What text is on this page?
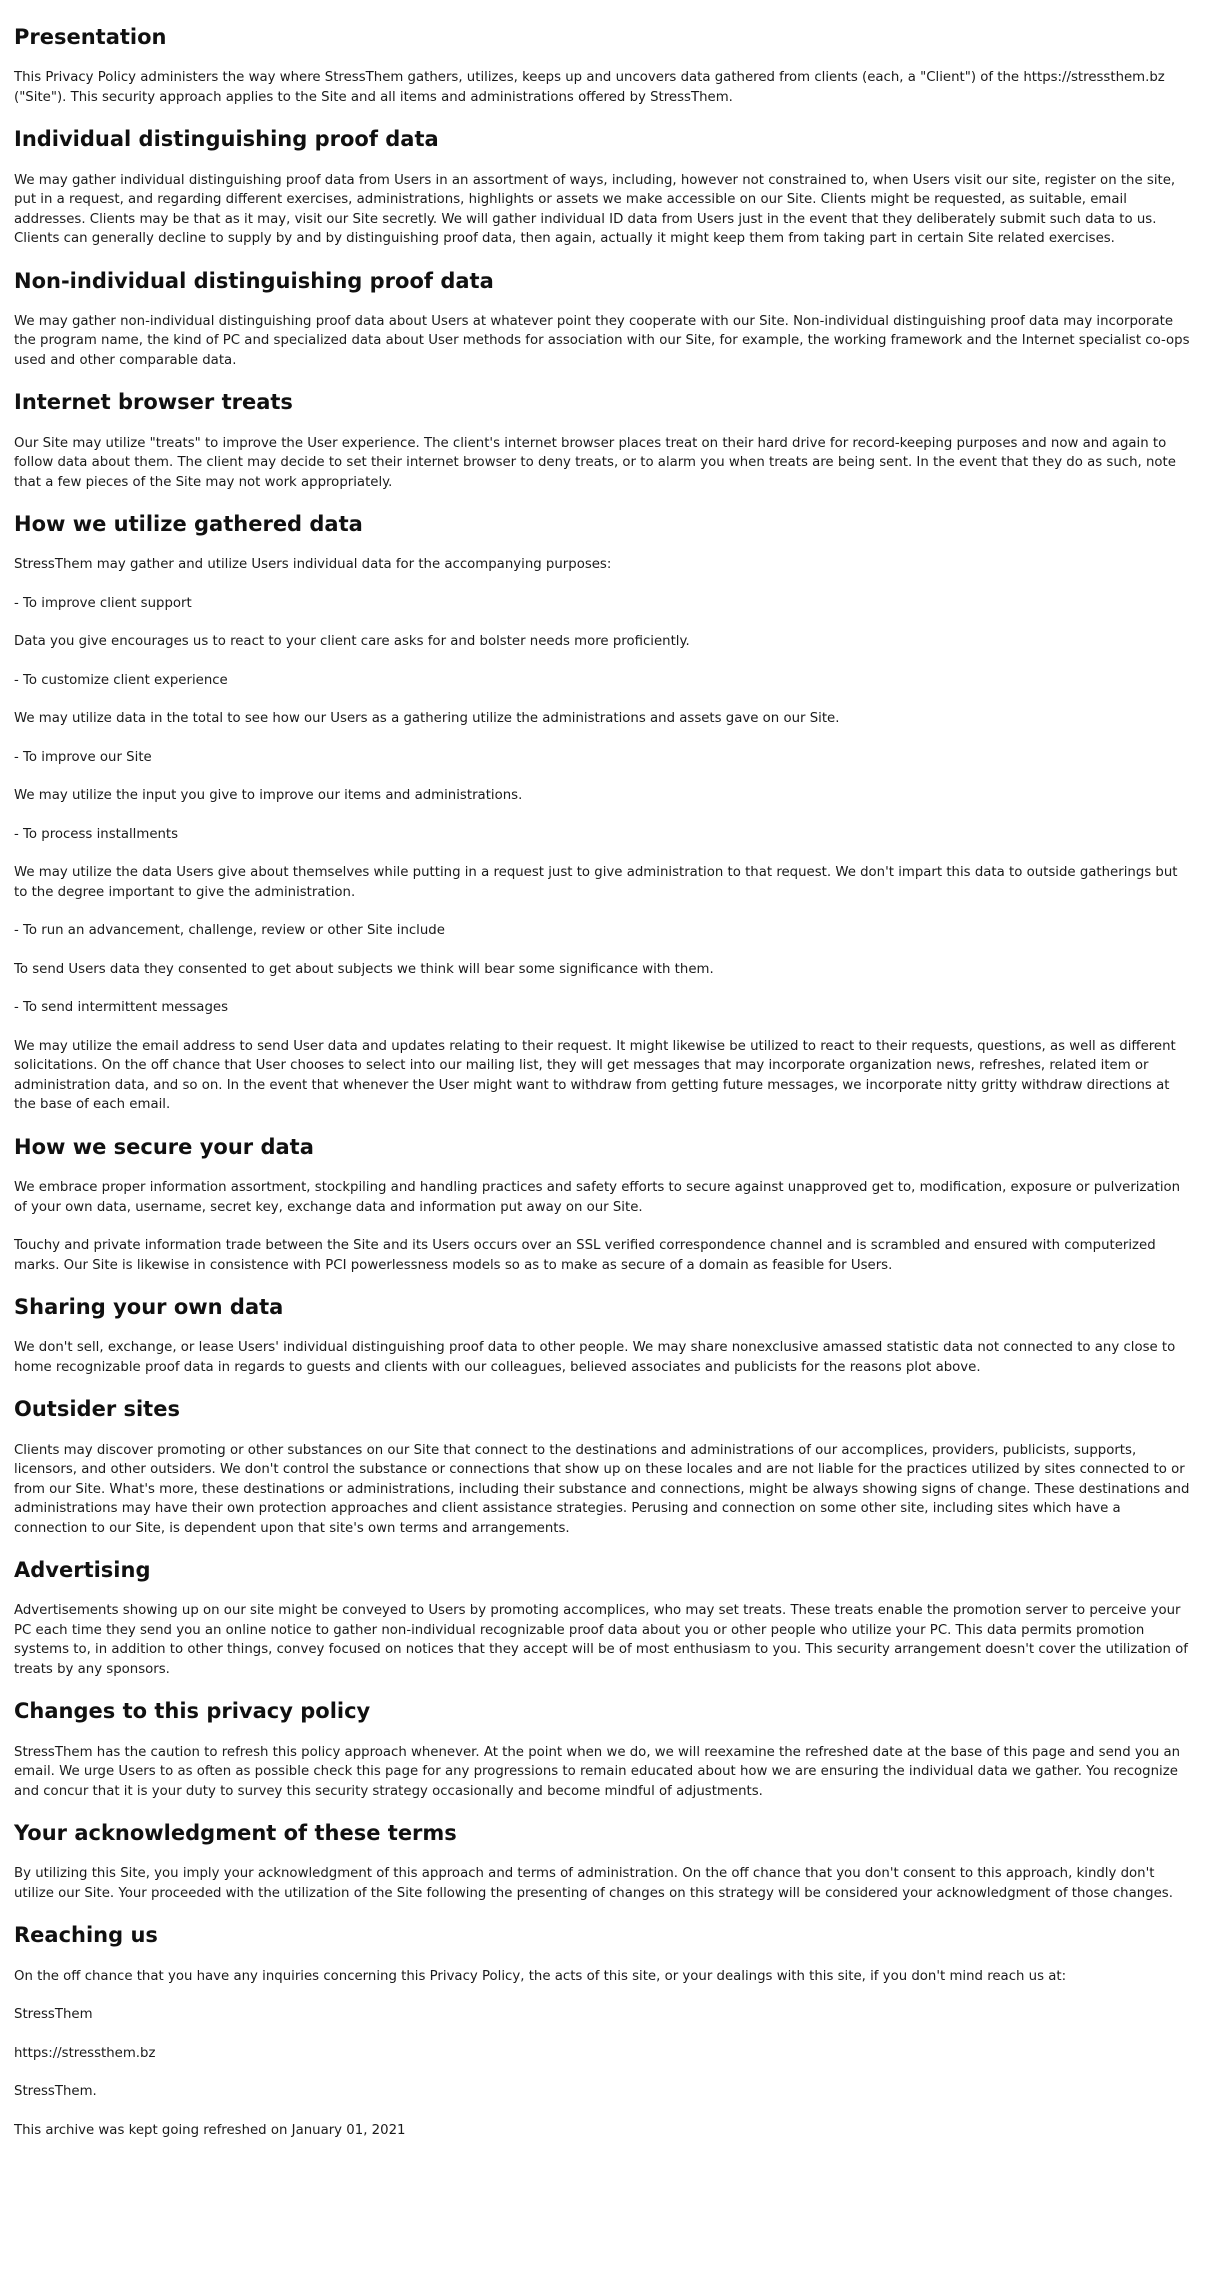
Presentation

This Privacy Policy administers the way where StressThem gathers, utilizes, keeps up and uncovers data gathered from clients (each, a "Client") of the https://stressthem.bz ("Site"). This security approach applies to the Site and all items and administrations offered by StressThem.

Individual distinguishing proof data

We may gather individual distinguishing proof data from Users in an assortment of ways, including, however not constrained to, when Users visit our site, register on the site, put in a request, and regarding different exercises, administrations, highlights or assets we make accessible on our Site. Clients might be requested, as suitable, email addresses. Clients may be that as it may, visit our Site secretly. We will gather individual ID data from Users just in the event that they deliberately submit such data to us. Clients can generally decline to supply by and by distinguishing proof data, then again, actually it might keep them from taking part in certain Site related exercises.

Non-individual distinguishing proof data

We may gather non-individual distinguishing proof data about Users at whatever point they cooperate with our Site. Non-individual distinguishing proof data may incorporate the program name, the kind of PC and specialized data about User methods for association with our Site, for example, the working framework and the Internet specialist co-ops used and other comparable data.

Internet browser treats

Our Site may utilize "treats" to improve the User experience. The client's internet browser places treat on their hard drive for record-keeping purposes and now and again to follow data about them. The client may decide to set their internet browser to deny treats, or to alarm you when treats are being sent. In the event that they do as such, note that a few pieces of the Site may not work appropriately.

How we utilize gathered data

StressThem may gather and utilize Users individual data for the accompanying purposes:

- To improve client support

Data you give encourages us to react to your client care asks for and bolster needs more proficiently.

- To customize client experience

We may utilize data in the total to see how our Users as a gathering utilize the administrations and assets gave on our Site.

- To improve our Site

We may utilize the input you give to improve our items and administrations.

- To process installments

We may utilize the data Users give about themselves while putting in a request just to give administration to that request. We don't impart this data to outside gatherings but to the degree important to give the administration.

- To run an advancement, challenge, review or other Site include

To send Users data they consented to get about subjects we think will bear some significance with them.

- To send intermittent messages

We may utilize the email address to send User data and updates relating to their request. It might likewise be utilized to react to their requests, questions, as well as different solicitations. On the off chance that User chooses to select into our mailing list, they will get messages that may incorporate organization news, refreshes, related item or administration data, and so on. In the event that whenever the User might want to withdraw from getting future messages, we incorporate nitty gritty withdraw directions at the base of each email.

How we secure your data

We embrace proper information assortment, stockpiling and handling practices and safety efforts to secure against unapproved get to, modification, exposure or pulverization of your own data, username, secret key, exchange data and information put away on our Site.

Touchy and private information trade between the Site and its Users occurs over an SSL verified correspondence channel and is scrambled and ensured with computerized marks. Our Site is likewise in consistence with PCI powerlessness models so as to make as secure of a domain as feasible for Users.

Sharing your own data

We don't sell, exchange, or lease Users' individual distinguishing proof data to other people. We may share nonexclusive amassed statistic data not connected to any close to home recognizable proof data in regards to guests and clients with our colleagues, believed associates and publicists for the reasons plot above.

Outsider sites

Clients may discover promoting or other substances on our Site that connect to the destinations and administrations of our accomplices, providers, publicists, supports, licensors, and other outsiders. We don't control the substance or connections that show up on these locales and are not liable for the practices utilized by sites connected to or from our Site. What's more, these destinations or administrations, including their substance and connections, might be always showing signs of change. These destinations and administrations may have their own protection approaches and client assistance strategies. Perusing and connection on some other site, including sites which have a connection to our Site, is dependent upon that site's own terms and arrangements.

Advertising

Advertisements showing up on our site might be conveyed to Users by promoting accomplices, who may set treats. These treats enable the promotion server to perceive your PC each time they send you an online notice to gather non-individual recognizable proof data about you or other people who utilize your PC. This data permits promotion systems to, in addition to other things, convey focused on notices that they accept will be of most enthusiasm to you. This security arrangement doesn't cover the utilization of treats by any sponsors.

Changes to this privacy policy

StressThem has the caution to refresh this policy approach whenever. At the point when we do, we will reexamine the refreshed date at the base of this page and send you an email. We urge Users to as often as possible check this page for any progressions to remain educated about how we are ensuring the individual data we gather. You recognize and concur that it is your duty to survey this security strategy occasionally and become mindful of adjustments.

Your acknowledgment of these terms

By utilizing this Site, you imply your acknowledgment of this approach and terms of administration. On the off chance that you don't consent to this approach, kindly don't utilize our Site. Your proceeded with the utilization of the Site following the presenting of changes on this strategy will be considered your acknowledgment of those changes.

Reaching us

On the off chance that you have any inquiries concerning this Privacy Policy, the acts of this site, or your dealings with this site, if you don't mind reach us at:

StressThem

https://stressthem.bz

StressThem.

This archive was kept going refreshed on January 01, 2021
